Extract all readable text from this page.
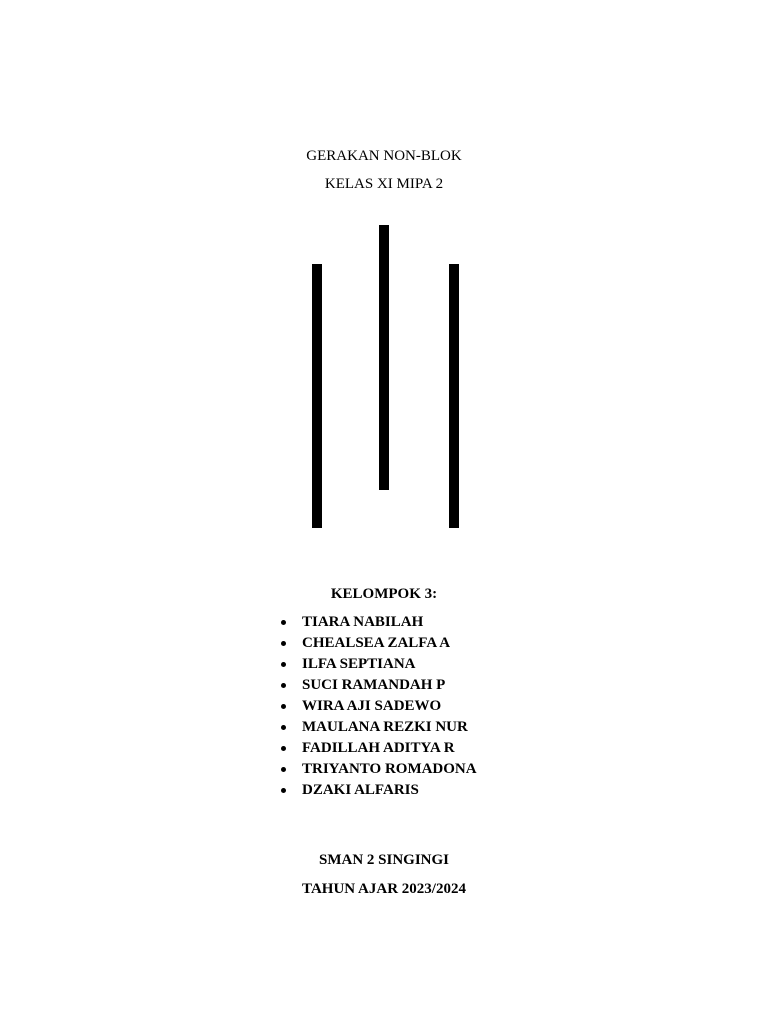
GERAKAN NON-BLOK
KELAS XI MIPA 2
KELOMPOK 3:
TIARA NABILAH
CHEALSEA ZALFA A
ILFA SEPTIANA
SUCI RAMANDAH P
WIRA AJI SADEWO
MAULANA REZKI NUR
FADILLAH ADITYA R
TRIYANTO ROMADONA
DZAKI ALFARIS
SMAN 2 SINGINGI
TAHUN AJAR 2023/2024
